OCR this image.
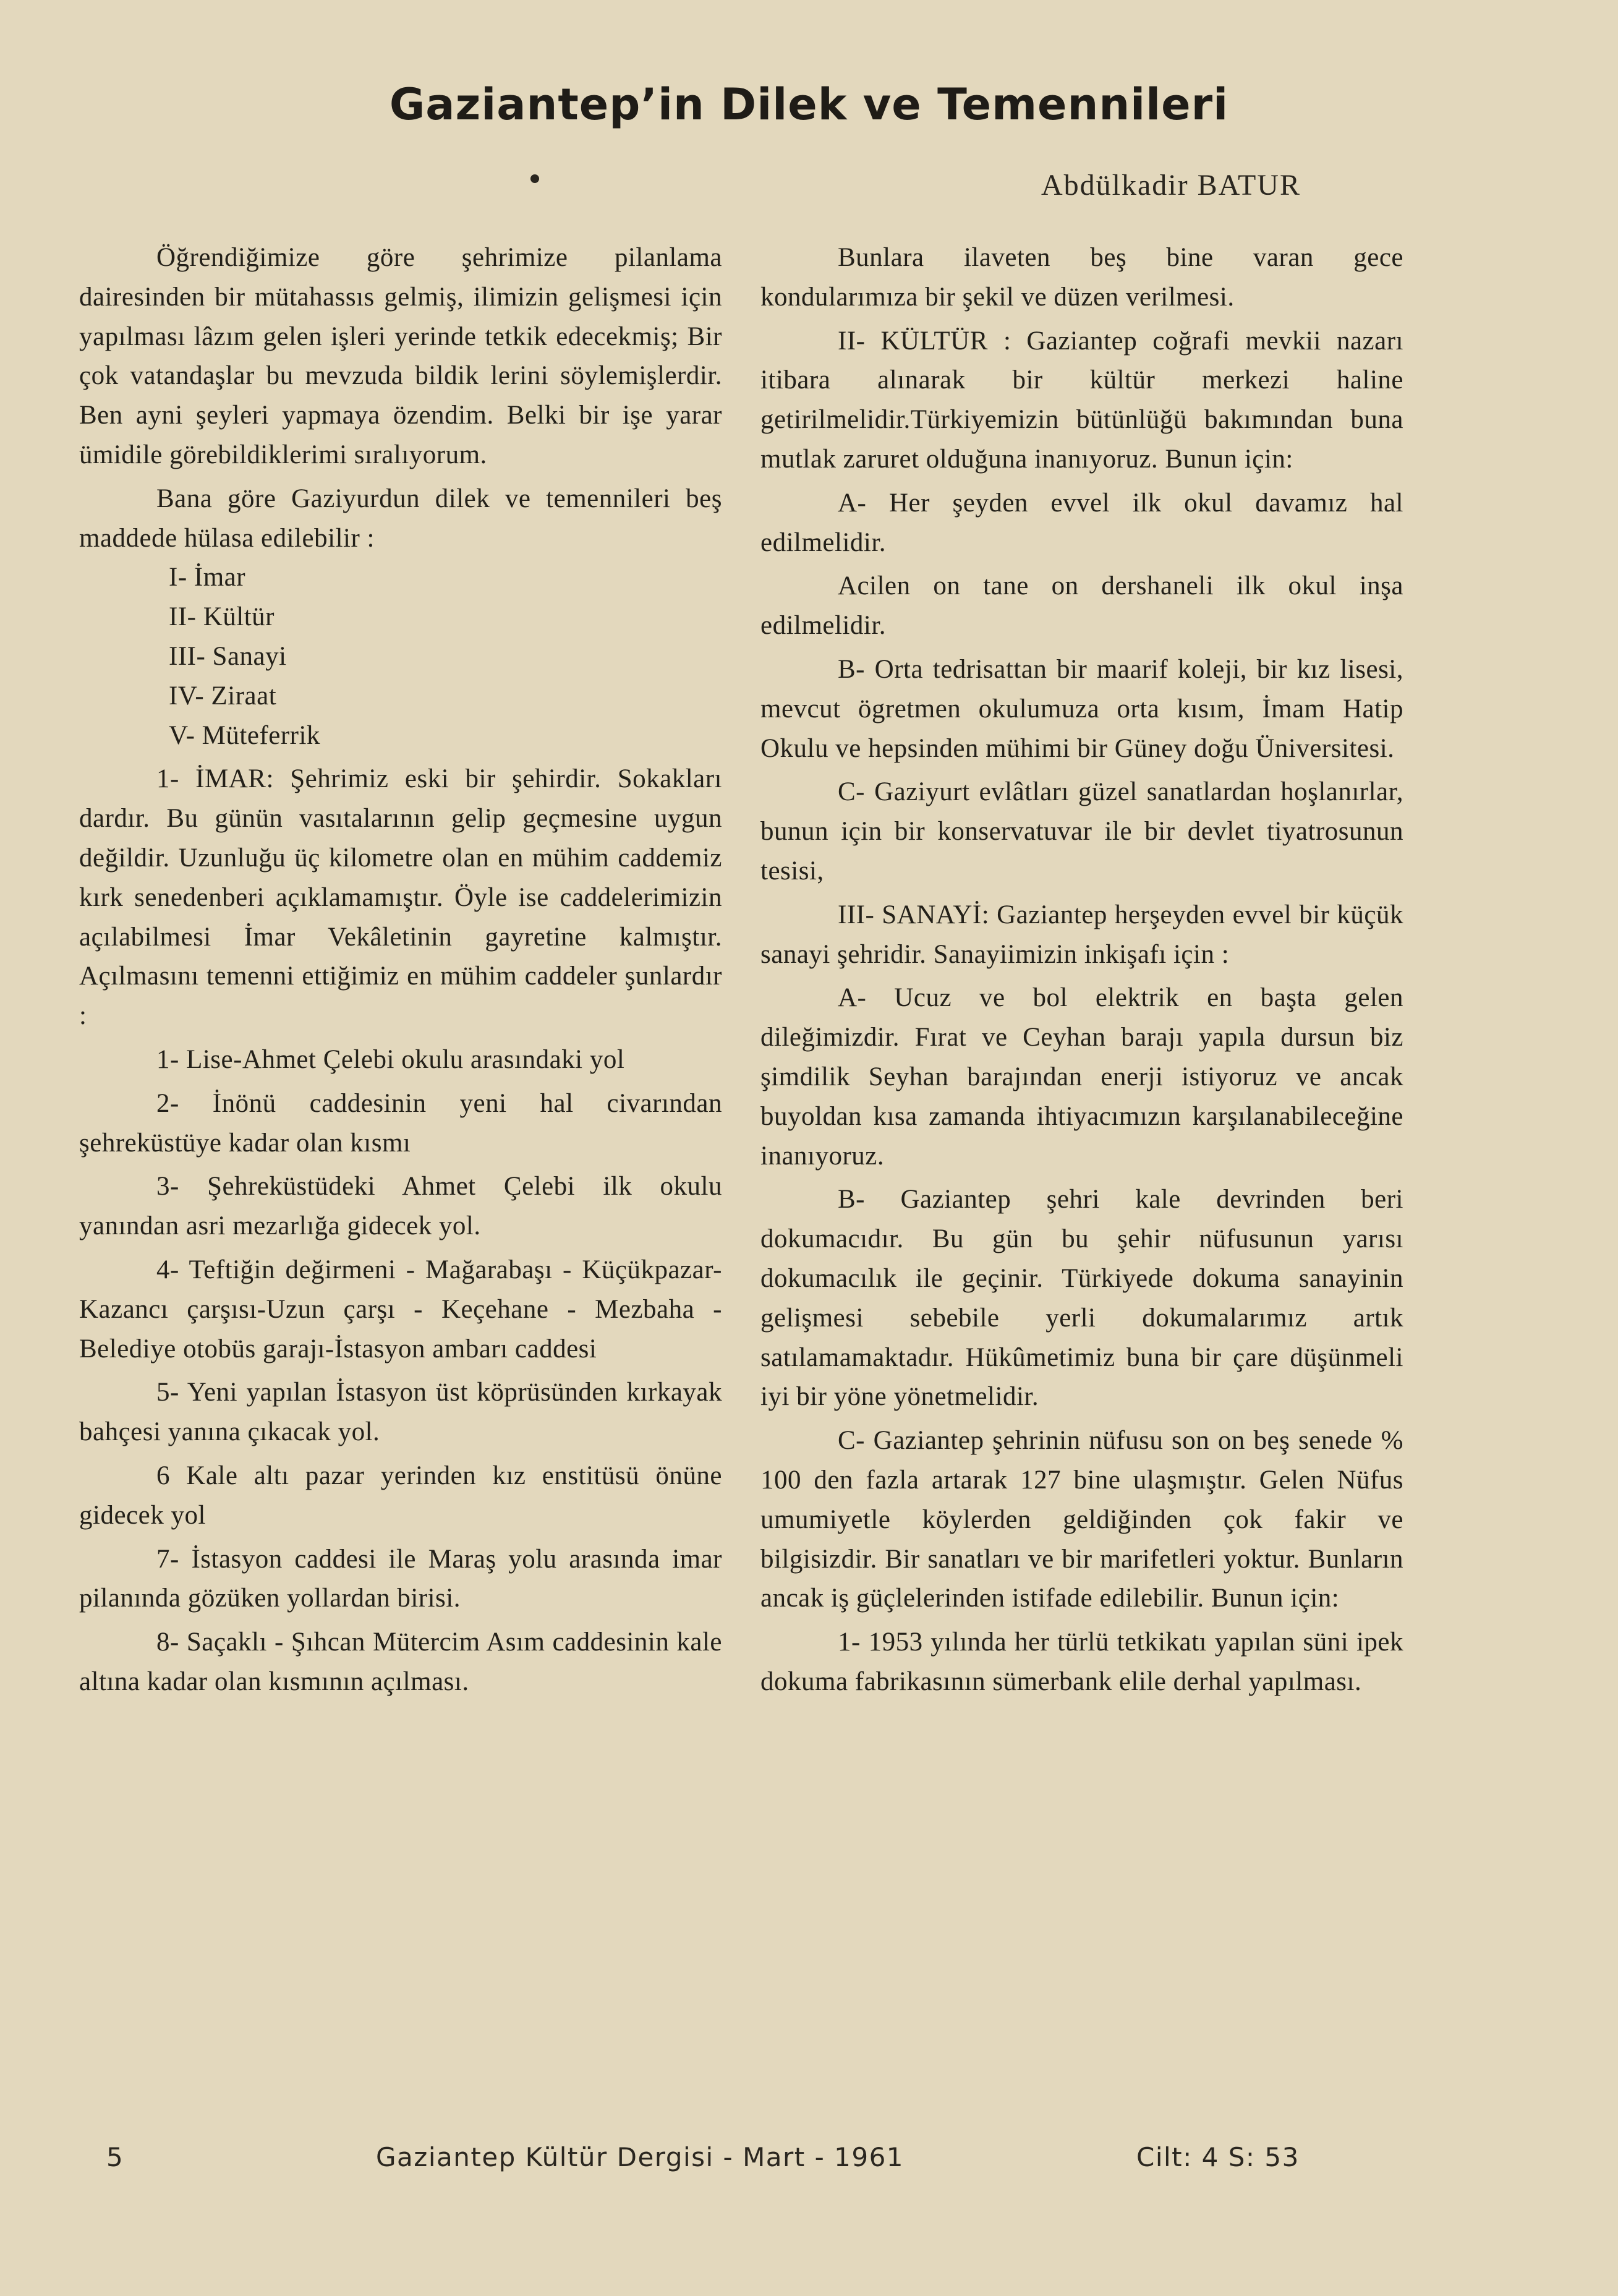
Gaziantep’in Dilek ve Temennileri
Abdülkadir BATUR

Öğrendiğimize göre şehrimize pilanlama dairesinden bir mütahassıs gelmiş, ilimizin gelişmesi için yapılması lâzım gelen işleri yerinde tetkik edecekmiş; Bir çok vatandaşlar bu mevzuda bildik lerini söylemişlerdir. Ben ayni şeyleri yapmaya özendim. Belki bir işe yarar ümidile görebildiklerimi sıralıyorum.

Bana göre Gaziyurdun dilek ve temennileri beş maddede hülasa edilebilir :

I- İmar

II- Kültür

III- Sanayi

IV- Ziraat

V- Müteferrik

1- İMAR: Şehrimiz eski bir şehirdir. Sokakları dardır. Bu günün vasıtalarının gelip geçmesine uygun değildir. Uzunluğu üç kilometre olan en mühim caddemiz kırk senedenberi açıklamamıştır. Öyle ise caddelerimizin açılabilmesi İmar Vekâletinin gayretine kalmıştır. Açılmasını temenni ettiğimiz en mühim caddeler şunlardır :

1- Lise-Ahmet Çelebi okulu arasındaki yol

2- İnönü caddesinin yeni hal civarından şehreküstüye kadar olan kısmı

3- Şehreküstüdeki Ahmet Çelebi ilk okulu yanından asri mezarlığa gidecek yol.

4- Teftiğin değirmeni - Mağarabaşı - Küçükpazar-Kazancı çarşısı-Uzun çarşı - Keçehane - Mezbaha - Belediye otobüs garajı-İstasyon ambarı caddesi

5- Yeni yapılan İstasyon üst köprüsünden kırkayak bahçesi yanına çıkacak yol.

6 Kale altı pazar yerinden kız enstitüsü önüne gidecek yol

7- İstasyon caddesi ile Maraş yolu arasında imar pilanında gözüken yollardan birisi.

8- Saçaklı - Şıhcan Mütercim Asım caddesinin kale altına kadar olan kısmının açılması.

Bunlara ilaveten beş bine varan gece kondularımıza bir şekil ve düzen verilmesi.

II- KÜLTÜR : Gaziantep coğrafi mevkii nazarı itibara alınarak bir kültür merkezi haline getirilmelidir.Türkiyemizin bütünlüğü bakımından buna mutlak zaruret olduğuna inanıyoruz. Bunun için:

A- Her şeyden evvel ilk okul davamız hal edilmelidir.

Acilen on tane on dershaneli ilk okul inşa edilmelidir.

B- Orta tedrisattan bir maarif kolеji, bir kız lisesi, mevcut ögretmen okulumuza orta kısım, İmam Hatip Okulu ve hepsinden mühimi bir Güney doğu Üniversitesi.

C- Gaziyurt evlâtları güzel sanatlardan hoşlanırlar, bunun için bir konservatuvar ile bir devlet tiyatrosunun tesisi,

III- SANAYİ: Gaziantep herşeyden evvel bir küçük sanayi şehridir. Sanayiimizin inkişafı için :

A- Ucuz ve bol elektrik en başta gelen dileğimizdir. Fırat ve Ceyhan barajı yapıla dursun biz şimdilik Seyhan barajından enerji istiyoruz ve ancak buyoldan kısa zamanda ihtiyacımızın karşılanabileceğine inanıyoruz.

B- Gaziantep şehri kale devrinden beri dokumacıdır. Bu gün bu şehir nüfusunun yarısı dokumacılık ile geçinir. Türkiyede dokuma sanayinin gelişmesi sebebile yerli dokumalarımız artık satılamamaktadır. Hükûmetimiz buna bir çare düşünmeli iyi bir yöne yönetmelidir.

C- Gaziantep şehrinin nüfusu son on beş senede % 100 den fazla artarak 127 bine ulaşmıştır. Gelen Nüfus umumiyetle köylerden geldiğinden çok fakir ve bilgisizdir. Bir sanatları ve bir marifetleri yoktur. Bunların ancak iş güçlelerinden istifade edilebilir. Bunun için:

1- 1953 yılında her türlü tetkikatı yapılan süni ipek dokuma fabrikasının sümerbank elile derhal yapılması.

5	Gaziantep Kültür Dergisi - Mart - 1961	Cilt: 4 S: 53
